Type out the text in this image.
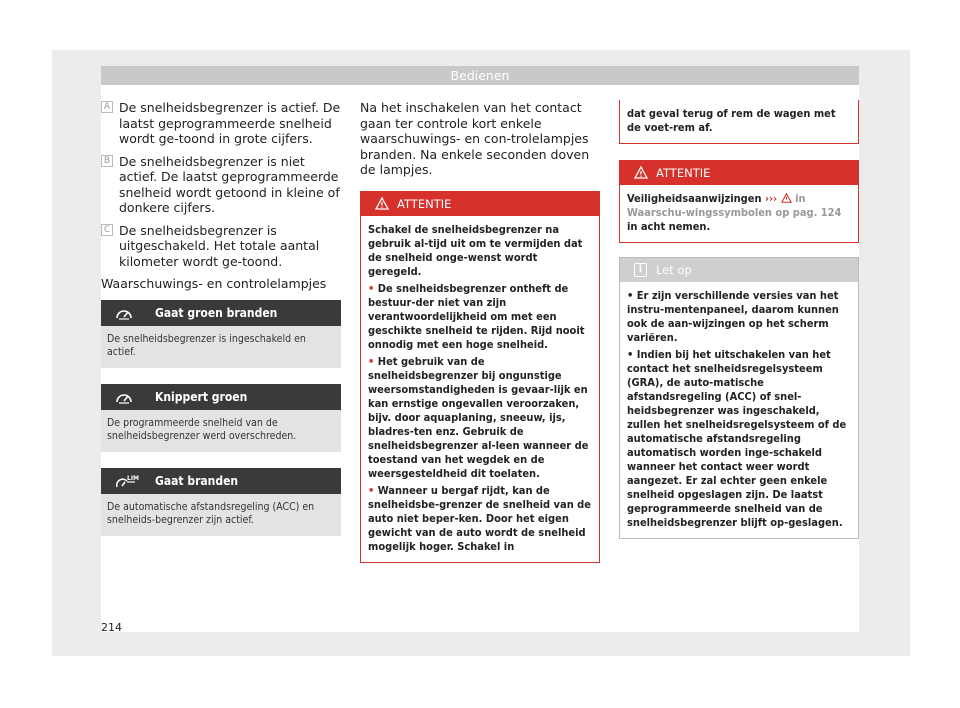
Bedienen
A De snelheidsbegrenzer is actief. De laatst geprogrammeerde snelheid wordt ge-toond in grote cijfers.
B De snelheidsbegrenzer is niet actief. De laatst geprogrammeerde snelheid wordt getoond in kleine of donkere cijfers.
C De snelheidsbegrenzer is uitgeschakeld. Het totale aantal kilometer wordt ge-toond.
Waarschuwings- en controlelampjes
Gaat groen branden
De snelheidsbegrenzer is ingeschakeld en actief.
Knippert groen
De programmeerde snelheid van de snelheidsbegrenzer werd overschreden.
LIM Gaat branden
De automatische afstandsregeling (ACC) en snelheids-begrenzer zijn actief.
Na het inschakelen van het contact gaan ter controle kort enkele waarschuwings- en con-trolelampjes branden. Na enkele seconden doven de lampjes.
ATTENTIE
Schakel de snelheidsbegrenzer na gebruik al-tijd uit om te vermijden dat de snelheid onge-wenst wordt geregeld.
• De snelheidsbegrenzer ontheft de bestuur-der niet van zijn verantwoordelijkheid om met een geschikte snelheid te rijden. Rijd nooit onnodig met een hoge snelheid.
• Het gebruik van de snelheidsbegrenzer bij ongunstige weersomstandigheden is gevaar-lijk en kan ernstige ongevallen veroorzaken, bijv. door aquaplaning, sneeuw, ijs, bladres-ten enz. Gebruik de snelheidsbegrenzer al-leen wanneer de toestand van het wegdek en de weersgesteldheid dit toelaten.
• Wanneer u bergaf rijdt, kan de snelheidsbe-grenzer de snelheid van de auto niet beper-ken. Door het eigen gewicht van de auto wordt de snelheid mogelijk hoger. Schakel in
dat geval terug of rem de wagen met de voet-rem af.
ATTENTIE
Veiligheidsaanwijzingen ››› in Waarschu-wingssymbolen op pag. 124 in acht nemen.
i	Let op
• Er zijn verschillende versies van het instru-mentenpaneel, daarom kunnen ook de aan-wijzingen op het scherm variëren.
• Indien bij het uitschakelen van het contact het snelheidsregelsysteem (GRA), de auto-matische afstandsregeling (ACC) of snel-heidsbegrenzer was ingeschakeld, zullen het snelheidsregelsysteem of de automatische afstandsregeling automatisch worden inge-schakeld wanneer het contact weer wordt aangezet. Er zal echter geen enkele snelheid opgeslagen zijn. De laatst geprogrammeerde snelheid van de snelheidsbegrenzer blijft op-geslagen.
214
